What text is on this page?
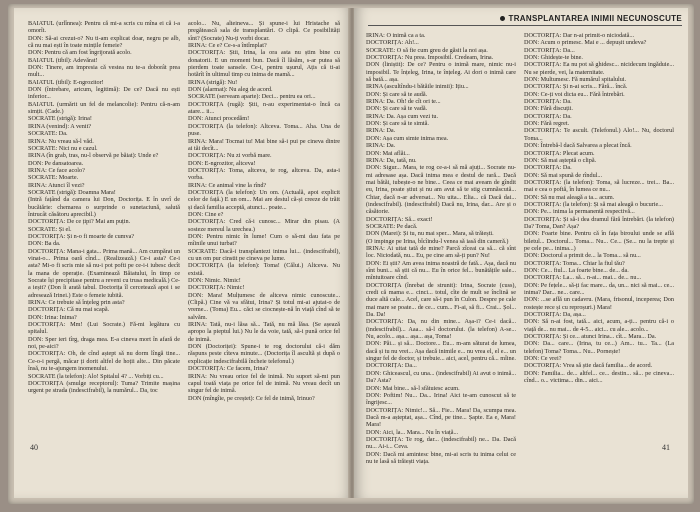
BAIATUL (urlînnea): Pentru că mi-a scris cu mîna ei că i-a omorît.
DON: Să-ai crezut-o? Nu ti-am explicat doar, negru pe alb, că nu mai ești în toate mințile femeie?
DON: Pentru că am fost îngrijorată acolo.
BAIATUL (tibil): Adevărat!
DON: Tinere, am impresia că vestea nu te-a doborât prea mult...
BAIATUL (tibil): E-ngrozitor!
DON (întrebare, aricum, legitimă): De ce? Dacă nu ești inferior...
BAIATUL (urmărit un fel de melancolie): Pentru că-n-am simțit. (Cade.)
SOCRATE (strigă): Irina!
IRINA (venind): A venit?
SOCRATE: Da.
IRINA: Nu vreau să-l văd.
SOCRATE: Nici nu e cazul.
IRINA (în grab, tras, nu-l observă pe băiat): Unde e?
DON: Pe dansatoarea.
IRINA: Ce face acolo?
SOCRATE: Moarte.
IRINA: Atunci îl vezi?
SOCRATE (strigă): Doamna Mara!
(Intră fațând da camera lui Don, Doctorița. E în uvrî de bucătărie: chemarea o surprinde o sunetaciună, salută întrucât căsătoru aprecibil.)
DOCTORIȚA: De ce țipi? Mai am puțin.
SOCRATE: Și el.
DOCTORIȚA: Și n-o fi moarte de cumva?
DON: Ba da.
DOCTORIȚA: Mana-i gata... Prima mană... Am cumpărat un vinat-o... Prima oară cînd... (Realizează.) Ce-i asta? Ce-i asta? Mi-o fi scris mie să nu-i pot pofti pe ce-i-i iubesc decît la mana de operație. (Examinează Băiatului, în timp ce Socrate își precipitase pentru a reveni cu trusa medicală.) Ce-a ieșit? (Don îi arată tabul. Doctorița îl cercetează apoi i se adresează Irinei.) Este o femeie iubită.
IRINA: Ce trebuie să înțeleg prin asta?
DOCTORIȚA: Că nu mai scapă.
DON: Irina: Inima?
DOCTORIȚA: Mm! (Lui Socrate.) Fă-mi legătura cu spitalul.
DON: Sper ieri tîrg, draga mea. E-a cineva mort în afară de noi, pe-aici?
DOCTORIȚA: Oh, de cînd aștept să nu dorm lîngă tine... Ce-o-i pergă, măcar ți dorit altfel de hoții alte... Din păcate însă, nu te-ajungem inomenului.
SOCRATE (la telefon): Alo! Spitalul 4? ... Vorbiți cu...
DOCTORIȚA (smulge receptorul): Tuma? Trimite mașina urgent pe strada (indescifrabil), la numărul... Da, toc
acolo... Nu, alteineva... Și spune-i lui Hristache să pregătească sala de transplantări. O clipă. Ce posibilități sînt? (Socrate) Nu-ți vorbi docar.
IRINA: Ce e? Ce-s-a întîmplat?
DOCTORIȚA: Știi, Irina, la ora asta nu știm bine cu donatorii. E un moment bun. Dacă îl lăsăm, s-ar putea să pierdem toate sansele. Ce-i, pentru ușurul, Ațis că ti-ai hotărît în ultimul timp cu inima de mamă...
IRINA (strigă): Nu!
DON (alarmat): Nu aleg de acord.
SOCRATE (serveam aparte): Deci... pentru ea ori...
DOCTORIȚA (rugă): Știi, n-au experimentat-o încă ca atare... ii...
DON: Atunci procedăm!
DOCTORIȚA (la telefon): Altceva. Toma... Aha. Una de puse.
IRINA: Mara! Tocmai tu! Mai bine să-i pui pe cineva dintre ai tăi decît...
DOCTORIȚA: Nu zi vorbă mare.
DON: E-ngrozitor, altceva!
DOCTORIȚA: Toma, altceva, te rog, altceva. Da, asta-i vorba.
IRINA: Ce animal vine la rînd?
DOCTORIȚA (la telefon): Un om. (Actuală, apoi explicit celor de față.) E un om... Mai are destul că-și creeze de trăit și dacă familia acceptă, atunci... poate...
DON: Cine e?
DOCTORIȚA: Cred că-i cunosc... Mirar din pisau. (A sosteze mereul la urechea.)
DON: Pentru nimic în lume! Cum o să-mi dau fata pe mîinile unui turbat?
SOCRATE: Dacă-i transplantezi inima lui... (indescifrabil), cu un om pur cinstit pe cineva pe lume.
DOCTORIȚA (la telefon): Toma! (Călui.) Altceva. Nu există.
DON: Nimic. Nimic!
DOCTORIȚA: Nimic!
DON: Mara! Mulțumesc de altceva nimic cunoscute... (Clipă.) Cine vă va sfătui, Irina? Și totul mi-ai ajutat-o de vreme... (Toma) Eu... căci se ciocnește-nă în viață cînd să te salvăm.
IRINA: Tată, nu-i lăsa să... Tată, nu mă lăsa. (Se așează apropo la pieptul lui.) Nu le da voie, tată, să-i pună orice fel de inimă.
DON (Doctoriței): Spune-i te rog doctorului că-i dăm răspuns peste cîteva minute... (Doctorița îl ascultă și după o explicație indescifrabilă încheie telefonul.)
DOCTORIȚA: Ce facem, Irina?
IRINA: Nu vreau orice fel de inimă. Nu suport să-mi pun capul toată viața pe orice fel de inimă. Nu vreau decît un singur fel de inimă.
DON (mîngîie, pe creștet): Ce fel de inimă, Irinuo?
40
TRANSPLANTAREA INIMII NECUNOSCUTE
IRINA: O inimă ca a ta.
DOCTORIȚA: Ah!...
SOCRATE: O să fie cum greu de găsit la noi așa.
DOCTORIȚA: Nu prea. Imposibil. Credeam, Irina.
DON (liniștit): De ce? Pentru o inimă mare, nimic nu-i imposibil. Te înțeleg, Irina, te înțeleg. Ai dori o inimă care să bată... așa.
IRINA (ascultîndu-i bătăile inimii): Ițiu...
DON: Și care să te audă.
IRINA: Da. Oh! de cît ori te...
DON: Și care să te vadă.
IRINA: Da. Așa cum vezi tu.
DON: Și care să te simtă.
IRINA: Da.
DON: Așa cum simte inima mea.
IRINA: Da.
DON: Mai aflăi...
IRINA: Da, tată, nu.
DON: Sigur... Mara, te rog ce-a-i să mă ajuți... Socrate nu-mi adresase așa. Dacă inima mea e destul de rară... Dacă mai bătăi, iubește-o ne bine... Ceea ce mai aveam de gîndit eu, Irina, poate știut și nu am avut să te stig cumnăscută... Chiar, dacă n-ar adversat... Nu uita... Elia... că Dacă dai... (indescifrabil). (indescifrabil) Dacă nu, Irina, dar... Are și o căsătorie.
DOCTORIȚA: Să... exact!
SOCRATE: Pe dacă.
DON (Marei): Și tu, nu mai sper... Mara, să trăiești.
(O impinge pe Irina, bîcîindu-l venea să iasă din cameră.)
IRINA: Ai uitat tată de mine? Parcă zîceai ca să... că sînt loc. Niciodată, nu... Eu, pe cine am să-ți pun? Nu!
DON: Ei știi? Am avea inima noastră de fată... Așa, dacă nu sînt buni... să știi că nu... Eu în orice fel... bunătățile sale... mîntuitoare cînd.
DOCTORIȚA (înrebat de strunit): Irina, Socrate (cuss), credi că mama e... cinci... totul, cîte de mult se înclină se duce altă cale... Acel, care să-i pun în Culon. Despre pe cale mai mare se poate... de ce... cum... Fi-ai, să fi... Crai... Șol... Da. Da!
DOCTORIȚA: Da, nu din mine... Așa-i? Ce-i dacă... (indescifrabil)... Aaa... să-l doctorului. (la telefon) A-se... Nu, acolo... așa... așa... așa, Toma!
DON: Păi... și să... Doctore... Eu... m-am săturat de lumea, dacă și tu nu vrei... Așa dacă inimile e... nu vrea el, el e... un singur fel de doctor, și trebuie... aici, acel, pentru că... mîine.
DOCTORIȚA: Da...
DON: Ghiceascul, cu una... (indescifrabil) Ai avut o inimă... Da? Asta?
DON: Mai bine... să-l sfătuiesc acum.
DON: Poftim! Nu... Da... Irina! Aici te-am cunoscut să te îngrijesc...
DOCTORIȚA: Nimic!... Să... Fie... Mara! Da, scumpa mea. Dacă m-a așteptat, așa... Cînd, pe tine... Șapte. Ea e, Mara! Mara!
DON: Aici, la... Mara... Nu în viață...
DOCTORIȚA: Te rog, dar... (indescifrabil) ne... Da. Dacă nu... Ai-i... Ceva.
DON: Dacă mi amintesc bine, mi-ai scris tu inima celui ce nu te lasă să trăiești viața.
DOCTORIȚA: Dar n-ai primit-o niciodată...
DON: Acum o primesc. Mai e ... depușit undeva?
DOCTORIȚA: Da...
DON: Ghidește-te bine.
DOCTORIȚA: Ea nu pot să ghidesc... nicidecum ingăduie... Nu se pierde, vei, la maternitate.
DON: Multumesc. Fă numărul spitalului.
DOCTORIȚA: Și n-ai scris... Fără... încă.
DON: Ce-ți voi dicta eu... Fără întrebări.
DOCTORIȚA: Da.
DON: Fără discuții.
DOCTORIȚA: Da.
DON: Fără regret.
DOCTORIȚA: Te ascult. (Telefonul.) Alo!... Nu, doctorul Toma...
DON: Întrebă-l dacă Salvarea a plecat încă.
DOCTORIȚA: Plecat acum.
DON: Să mai așteptă o clipă.
DOCTORIȚA: Da.
DON: Să mai spună de rîndul...
DOCTORIȚA: (la telefon): Toma, să lucreze... trei... Ba... mai e cea o poftă, în lumea ce nu...
DON: Să nu mai aleagă a ta... acum.
DOCTORIȚA: (la telefon): Și să mai aleagă o bucurie...
DON: Pe... inima la permanentă respectivă...
DOCTORIȚA: Și să-i dea dramul fără întrebări. (la telefon) Da? Toma, Dan? Așa?
DON: Foarte bine. Pentru că în fața biroului unde se află biletul... Doctorul... Toma... Nu... Ce... (Se... nu la trepte și pe cele pe... inima...)
DON: Doctorul a primit de... la Toma... să nu...
DOCTORIȚA: Toma... Chiar la fiul tău?
DON: Ce... fiul... La foarte bine... de... da.
DOCTORIȚA: La... să... n-ai... mai... de... nu...
DON: Pe fețele... să-ți fac mare... da, un... nici să mai... ce... inima? Dar... ne... care...
DON: ...se află un cadavru. (Mara, frisonul, inceperea; Don rostește rece și cu reproșuri.) Mara!
DOCTORIȚA: Da, așa...
DON: Să n-ai fost, tată... aici, acum, a-ți... pentru că-i o viață de... nu mai... de 4-5... aici... cu ale... acolo...
DOCTORIȚA: Și ce... atunci Irina... cît... Mara... Da.
DON: Da... care... (Irina, tu ce...) Am... tu... Ta... (La telefon) Toma? Toma... Nu... Pornește!
DON: Ce vrei?
DOCTORIȚA: Vrea să știe dacă familia... de acord.
DON: Familia... de... altfel... ce... destin... să... pe cineva... cînd... o... victima... din... aici...
41
